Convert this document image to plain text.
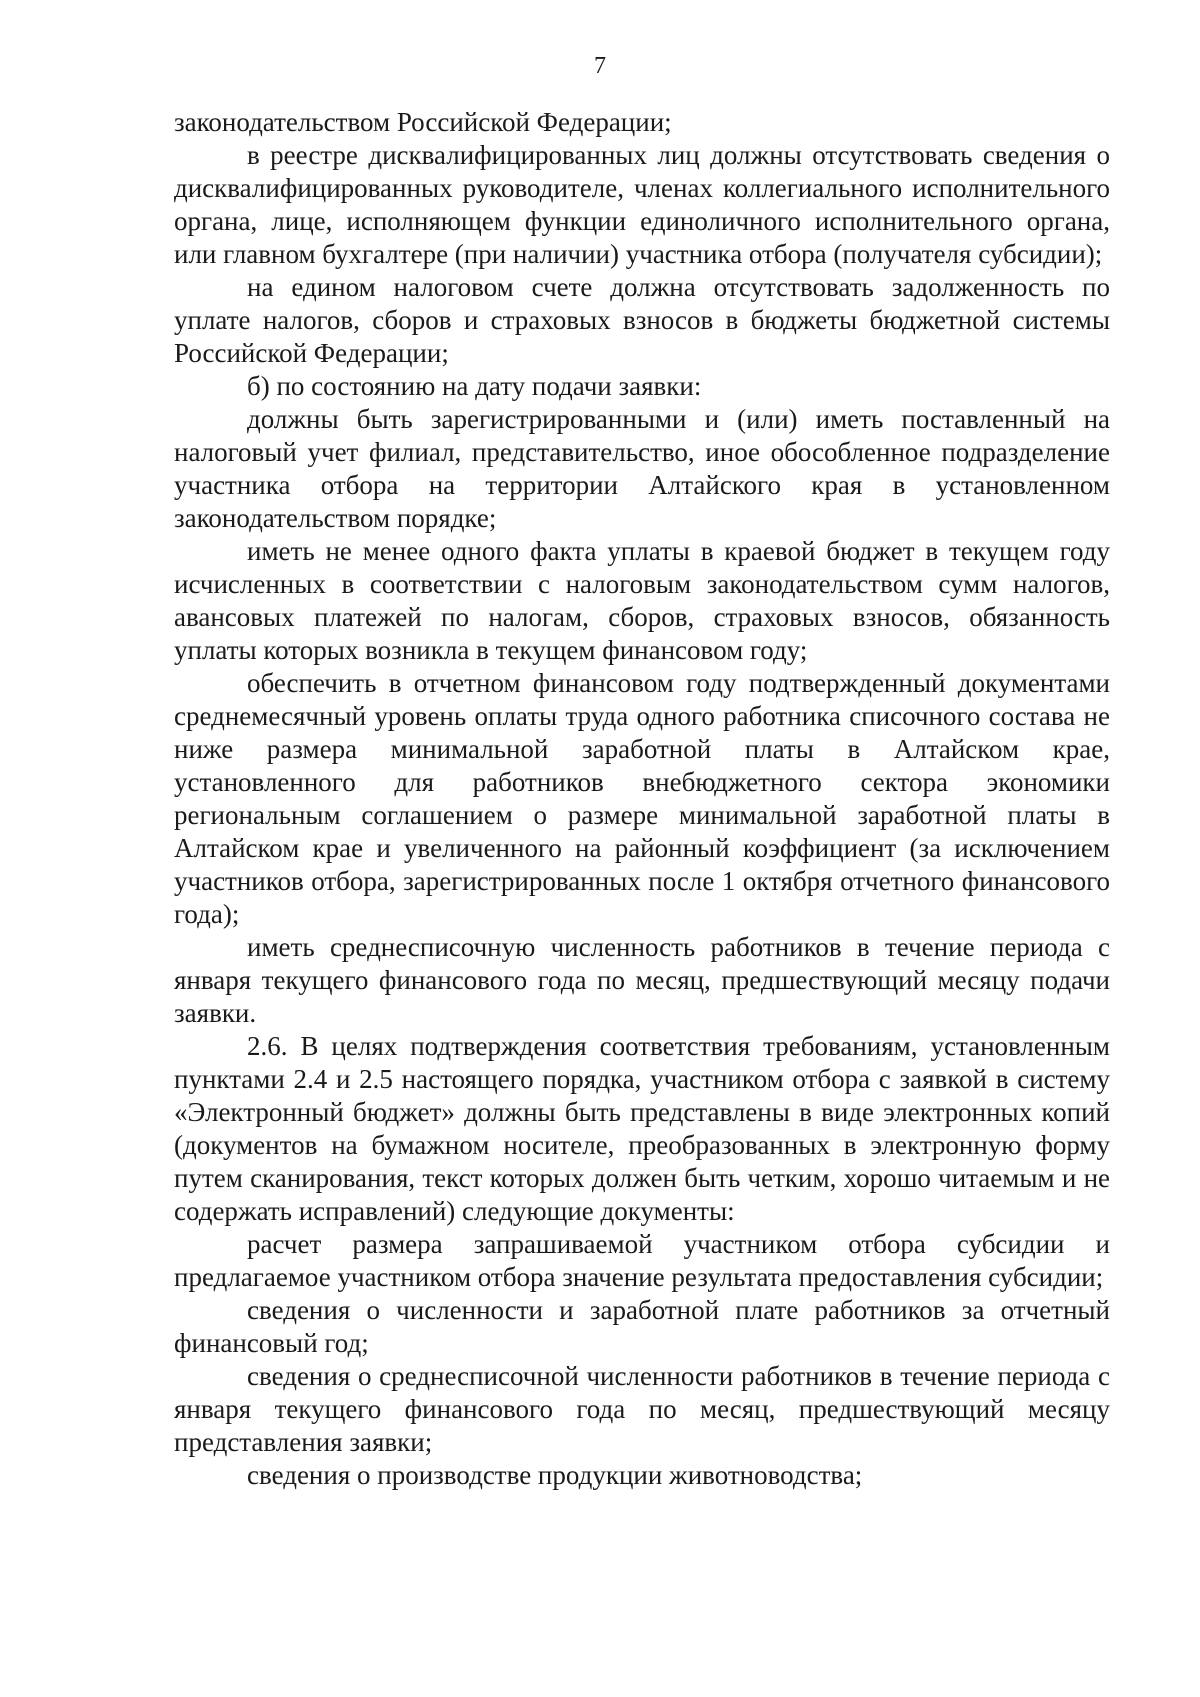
7

законодательством Российской Федерации;

в реестре дисквалифицированных лиц должны отсутствовать сведения о дисквалифицированных руководителе, членах коллегиального исполнительного органа, лице, исполняющем функции единоличного исполнительного органа, или главном бухгалтере (при наличии) участника отбора (получателя субсидии);

на едином налоговом счете должна отсутствовать задолженность по уплате налогов, сборов и страховых взносов в бюджеты бюджетной системы Российской Федерации;

б) по состоянию на дату подачи заявки:

должны быть зарегистрированными и (или) иметь поставленный на налоговый учет филиал, представительство, иное обособленное подразделение участника отбора на территории Алтайского края в установленном законодательством порядке;

иметь не менее одного факта уплаты в краевой бюджет в текущем году исчисленных в соответствии с налоговым законодательством сумм налогов, авансовых платежей по налогам, сборов, страховых взносов, обязанность уплаты которых возникла в текущем финансовом году;

обеспечить в отчетном финансовом году подтвержденный документами среднемесячный уровень оплаты труда одного работника списочного состава не ниже размера минимальной заработной платы в Алтайском крае, установленного для работников внебюджетного сектора экономики региональным соглашением о размере минимальной заработной платы в Алтайском крае и увеличенного на районный коэффициент (за исключением участников отбора, зарегистрированных после 1 октября отчетного финансового года);

иметь среднесписочную численность работников в течение периода с января текущего финансового года по месяц, предшествующий месяцу подачи заявки.

2.6. В целях подтверждения соответствия требованиям, установленным пунктами 2.4 и 2.5 настоящего порядка, участником отбора с заявкой в систему «Электронный бюджет» должны быть представлены в виде электронных копий (документов на бумажном носителе, преобразованных в электронную форму путем сканирования, текст которых должен быть четким, хорошо читаемым и не содержать исправлений) следующие документы:

расчет размера запрашиваемой участником отбора субсидии и предлагаемое участником отбора значение результата предоставления субсидии;

сведения о численности и заработной плате работников за отчетный финансовый год;

сведения о среднесписочной численности работников в течение периода с января текущего финансового года по месяц, предшествующий месяцу представления заявки;

сведения о производстве продукции животноводства;
